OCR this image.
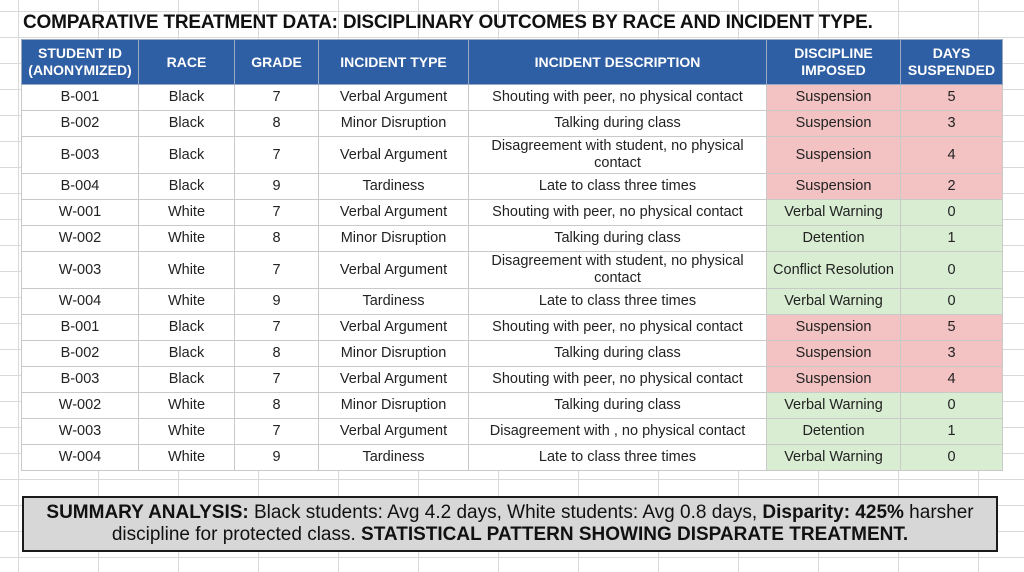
COMPARATIVE TREATMENT DATA: DISCIPLINARY OUTCOMES BY RACE AND INCIDENT TYPE.
STUDENT ID (ANONYMIZED)	RACE	GRADE	INCIDENT TYPE	INCIDENT DESCRIPTION	DISCIPLINE IMPOSED	DAYS SUSPENDED
B-001	Black	7	Verbal Argument	Shouting with peer, no physical contact	Suspension	5
B-002	Black	8	Minor Disruption	Talking during class	Suspension	3
B-003	Black	7	Verbal Argument	Disagreement with student, no physical contact	Suspension	4
B-004	Black	9	Tardiness	Late to class three times	Suspension	2
W-001	White	7	Verbal Argument	Shouting with peer, no physical contact	Verbal Warning	0
W-002	White	8	Minor Disruption	Talking during class	Detention	1
W-003	White	7	Verbal Argument	Disagreement with student, no physical contact	Conflict Resolution	0
W-004	White	9	Tardiness	Late to class three times	Verbal Warning	0
B-001	Black	7	Verbal Argument	Shouting with peer, no physical contact	Suspension	5
B-002	Black	8	Minor Disruption	Talking during class	Suspension	3
B-003	Black	7	Verbal Argument	Shouting with peer, no physical contact	Suspension	4
W-002	White	8	Minor Disruption	Talking during class	Verbal Warning	0
W-003	White	7	Verbal Argument	Disagreement with , no physical contact	Detention	1
W-004	White	9	Tardiness	Late to class three times	Verbal Warning	0
SUMMARY ANALYSIS: Black students: Avg 4.2 days, White students: Avg 0.8 days, Disparity: 425% harsher discipline for protected class. STATISTICAL PATTERN SHOWING DISPARATE TREATMENT.
